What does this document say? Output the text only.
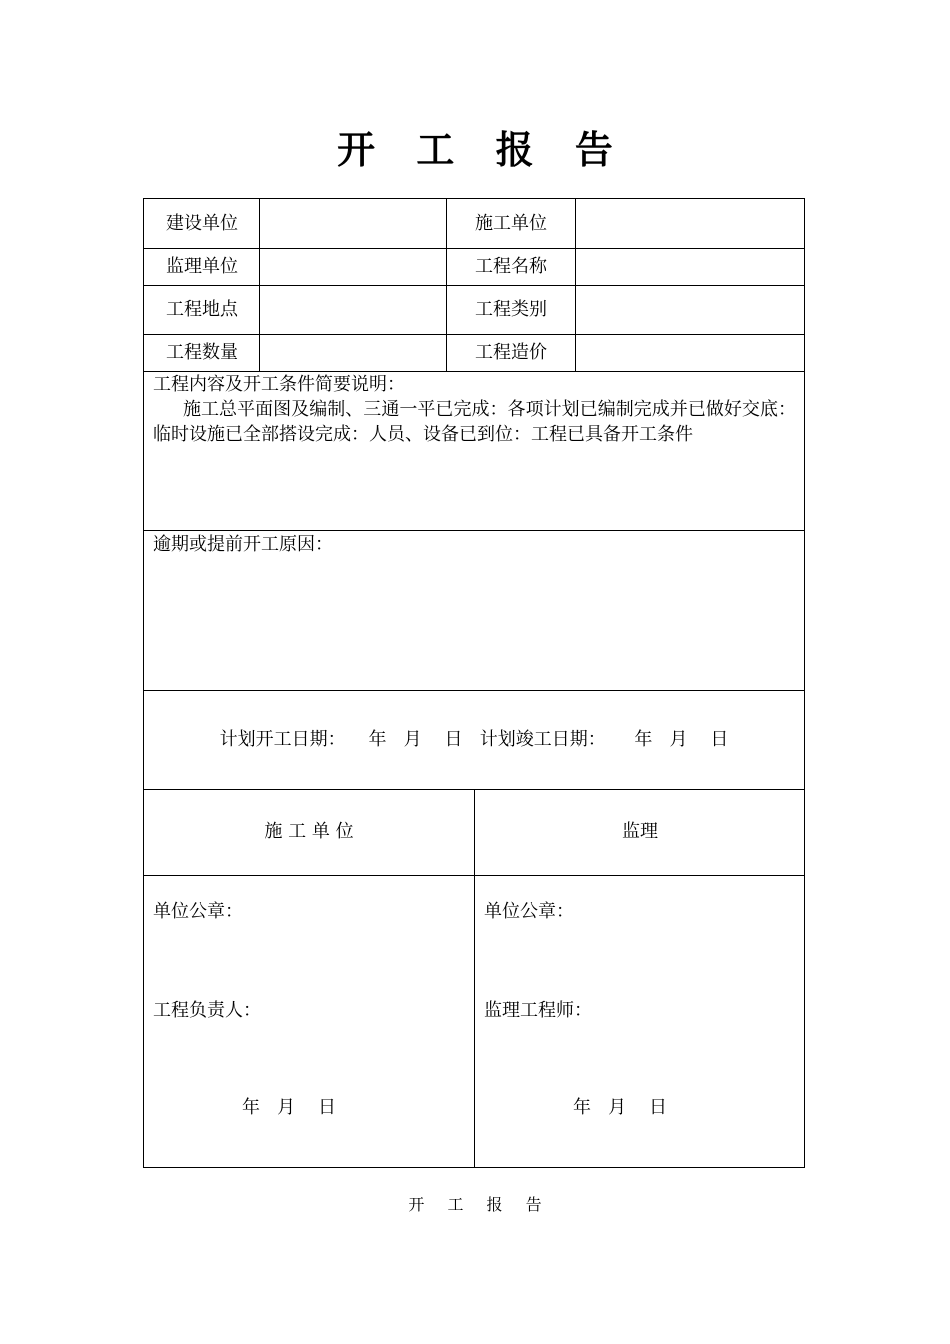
开 工 报 告
建设单位	施工单位
监理单位	工程名称
工程地点	工程类别
工程数量	工程造价
工程内容及开工条件简要说明：
施工总平面图及编制、三通一平已完成：各项计划已编制完成并已做好交底：临时设施已全部搭设完成：人员、设备已到位：工程已具备开工条件
逾期或提前开工原因：
计划开工日期：    年   月    日   计划竣工日期：     年   月    日
施 工 单 位	监理
单位公章：
工程负责人：
年   月    日
单位公章：
监理工程师：
年   月    日
开 工 报 告
